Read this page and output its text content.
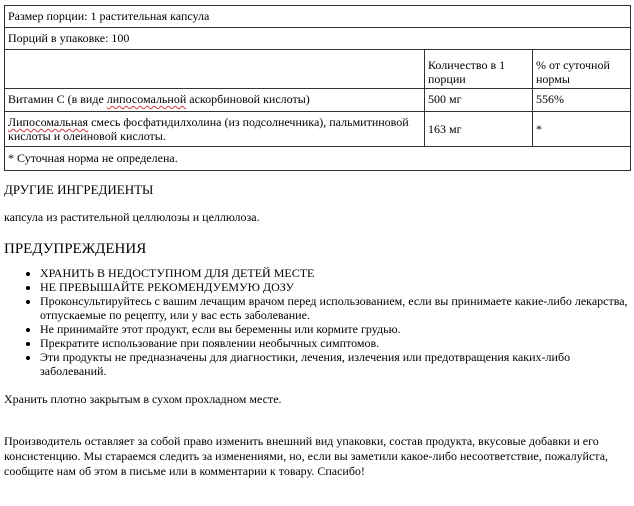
Размер порции: 1 растительная капсула		
Порций в упаковке: 100		
	Количество в 1 порции	% от суточной нормы
Витамин C (в виде липосомальной аскорбиновой кислоты)	500 мг	556%
Липосомальная смесь фосфатидилхолина (из подсолнечника), пальмитиновой кислоты и олеиновой кислоты.	163 мг	*
* Суточная норма не определена.		

ДРУГИЕ ИНГРЕДИЕНТЫ

капсула из растительной целлюлозы и целлюлоза.

ПРЕДУПРЕЖДЕНИЯ

• ХРАНИТЬ В НЕДОСТУПНОМ ДЛЯ ДЕТЕЙ МЕСТЕ
• НЕ ПРЕВЫШАЙТЕ РЕКОМЕНДУЕМУЮ ДОЗУ
• Проконсультируйтесь с вашим лечащим врачом перед использованием, если вы принимаете какие-либо лекарства, отпускаемые по рецепту, или у вас есть заболевание.
• Не принимайте этот продукт, если вы беременны или кормите грудью.
• Прекратите использование при появлении необычных симптомов.
• Эти продукты не предназначены для диагностики, лечения, излечения или предотвращения каких-либо заболеваний.

Хранить плотно закрытым в сухом прохладном месте.

Производитель оставляет за собой право изменить внешний вид упаковки, состав продукта, вкусовые добавки и его консистенцию. Мы стараемся следить за изменениями, но, если вы заметили какое-либо несоответствие, пожалуйста, сообщите нам об этом в письме или в комментарии к товару. Спасибо!
